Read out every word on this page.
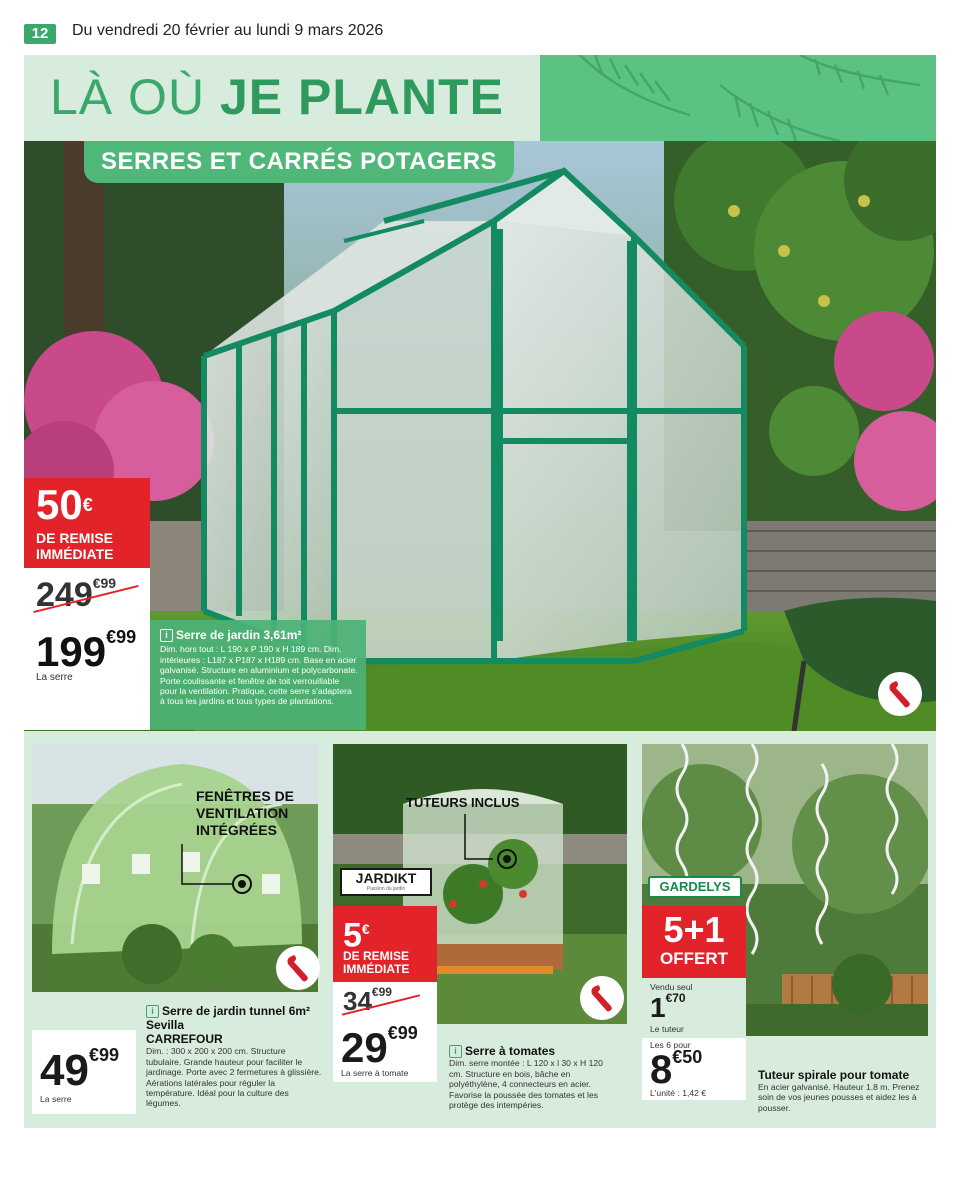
12	Du vendredi 20 février au lundi 9 mars 2026
LÀ OÙ JE PLANTE
SERRES ET CARRÉS POTAGERS
50€
DE REMISE
IMMÉDIATE
249€99
199€99
La serre
i Serre de jardin 3,61m²
Dim. hors tout : L 190 x P 190 x H 189 cm. Dim. intérieures : L187 x P187 x H189 cm. Base en acier galvanisé. Structure en aluminium et polycarbonate. Porte coulissante et fenêtre de toit verrouillable pour la ventilation. Pratique, cette serre s'adaptera à tous les jardins et tous types de plantations.
FENÊTRES DE VENTILATION INTÉGRÉES
49€99
La serre
i Serre de jardin tunnel 6m²
Sevilla
CARREFOUR
Dim. : 300 x 200 x 200 cm. Structure tubulaire. Grande hauteur pour faciliter le jardinage. Porte avec 2 fermetures à glissière. Aérations latérales pour réguler la température. Idéal pour la culture des légumes.
TUTEURS INCLUS
JARDIKT
Passion du jardin
5€
DE REMISE
IMMÉDIATE
34€99
29€99
La serre à tomate
i Serre à tomates
Dim. serre montée : L 120 x l 30 x H 120 cm. Structure en bois, bâche en polyéthylène, 4 connecteurs en acier. Favorise la poussée des tomates et les protège des intempéries.
GARDELYS
5+1
OFFERT
Vendu seul
1€70
Le tuteur
Les 6 pour
8€50
L'unité : 1,42 €
Tuteur spirale pour tomate
En acier galvanisé. Hauteur 1.8 m. Prenez soin de vos jeunes pousses et aidez les à pousser.
